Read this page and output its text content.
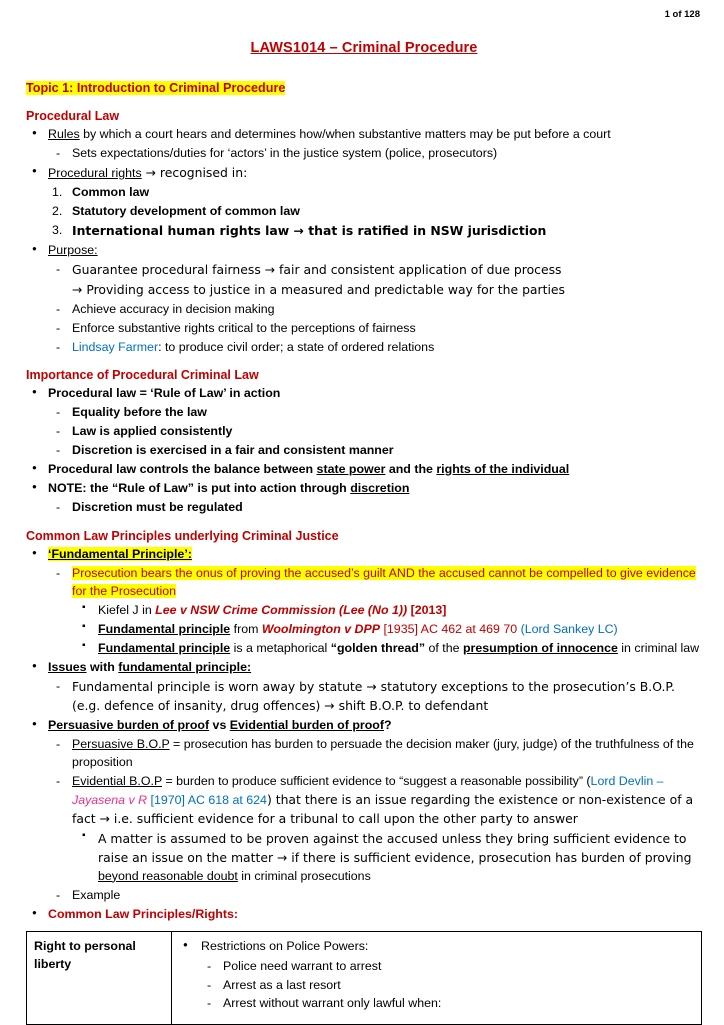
1 of 128
LAWS1014 – Criminal Procedure
Topic 1: Introduction to Criminal Procedure
Procedural Law
● Rules by which a court hears and determines how/when substantive matters may be put before a court
- Sets expectations/duties for ‘actors’ in the justice system (police, prosecutors)
● Procedural rights → recognised in:
1. Common law
2. Statutory development of common law
3. International human rights law → that is ratified in NSW jurisdiction
● Purpose:
- Guarantee procedural fairness → fair and consistent application of due process
→ Providing access to justice in a measured and predictable way for the parties
- Achieve accuracy in decision making
- Enforce substantive rights critical to the perceptions of fairness
- Lindsay Farmer: to produce civil order; a state of ordered relations
Importance of Procedural Criminal Law
● Procedural law = ‘Rule of Law’ in action
- Equality before the law
- Law is applied consistently
- Discretion is exercised in a fair and consistent manner
● Procedural law controls the balance between state power and the rights of the individual
● NOTE: the “Rule of Law” is put into action through discretion
- Discretion must be regulated
Common Law Principles underlying Criminal Justice
● ‘Fundamental Principle’:
- Prosecution bears the onus of proving the accused’s guilt AND the accused cannot be compelled to give evidence for the Prosecution
▪ Kiefel J in Lee v NSW Crime Commission (Lee (No 1)) [2013]
▪ Fundamental principle from Woolmington v DPP [1935] AC 462 at 469 70 (Lord Sankey LC)
▪ Fundamental principle is a metaphorical “golden thread” of the presumption of innocence in criminal law
● Issues with fundamental principle:
- Fundamental principle is worn away by statute → statutory exceptions to the prosecution’s B.O.P. (e.g. defence of insanity, drug offences) → shift B.O.P. to defendant
● Persuasive burden of proof vs Evidential burden of proof?
- Persuasive B.O.P = prosecution has burden to persuade the decision maker (jury, judge) of the truthfulness of the proposition
- Evidential B.O.P = burden to produce sufficient evidence to “suggest a reasonable possibility” (Lord Devlin – Jayasena v R [1970] AC 618 at 624) that there is an issue regarding the existence or non-existence of a fact → i.e. sufficient evidence for a tribunal to call upon the other party to answer
▪ A matter is assumed to be proven against the accused unless they bring sufficient evidence to raise an issue on the matter → if there is sufficient evidence, prosecution has burden of proving beyond reasonable doubt in criminal prosecutions
- Example
● Common Law Principles/Rights:
Right to personal liberty	
● Restrictions on Police Powers:
- Police need warrant to arrest
- Arrest as a last resort
- Arrest without warrant only lawful when:
